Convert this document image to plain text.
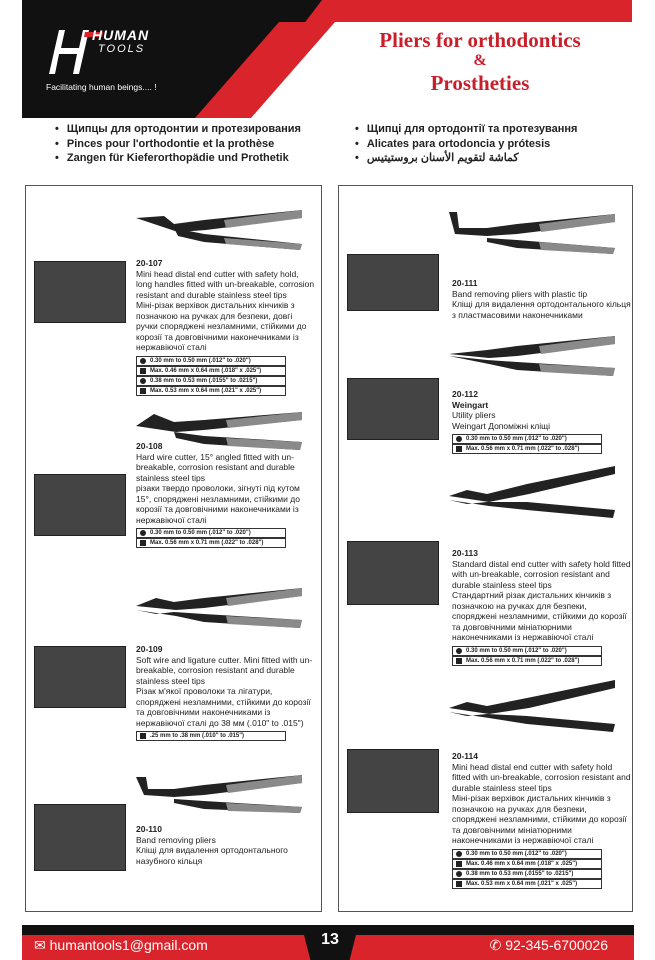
HUMAN
TOOLS
Facilitating human beings.... !
Pliers for orthodontics
&
Prostheties
• Щипцы для ортодонтии и протезирования
• Pinces pour l'orthodontie et la prothèse
• Zangen für Kieferorthopädie und Prothetik
• Щипці для ортодонтії та протезування
• Alicates para ortodoncia y prótesis
• كماشة لتقويم الأسنان بروستيتيس
20-107
Mini head distal end cutter with safety hold, long handles fitted with un-breakable, corrosion resistant and durable stainless steel tips
Міні-різак верхівок дистальних кінчиків з позначкою на ручках для безпеки, довгі ручки споряджені незламними, стійкими до корозії та довговічними наконечниками із нержавіючої сталі
0.30 mm to 0.50 mm (.012" to .020")
Max. 0.46 mm x 0.64 mm (.018" x .025")
0.38 mm to 0.53 mm (.0155" to .0215")
Max. 0.53 mm x 0.64 mm (.021" x .025")
20-108
Hard wire cutter, 15° angled fitted with un-breakable, corrosion resistant and durable stainless steel tips
різаки твердо проволоки, зігнуті під кутом 15°, споряджені незламними, стійкими до корозії та довговічними наконечниками із нержавіючої сталі
0.30 mm to 0.50 mm (.012" to .020")
Max. 0.56 mm x 0.71 mm (.022" to .028")
20-109
Soft wire and ligature cutter. Mini fitted with un-breakable, corrosion resistant and durable stainless steel tips
Різак м'якої проволоки та лігатури, споряджені незламними, стійкими до корозії та довговічними наконечниками із нержавіючої сталі до 38 мм (.010" to .015")
.25 mm to .38 mm (.010" to .015")
20-110
Band removing pliers
Кліщі для видалення ортодонтального назубного кільця
20-111
Band removing pliers with plastic tip
Кліщі для видалення ортодонтального кільця з пластмасовими наконечниками
20-112
Weingart
Utility pliers
Weingart Допоміжні кліщі
0.30 mm to 0.50 mm (.012" to .020")
Max. 0.56 mm x 0.71 mm (.022" to .028")
20-113
Standard distal end cutter with safety hold fitted with un-breakable, corrosion resistant and durable stainless steel tips
Стандартний різак дистальних кінчиків з позначкою на ручках для безпеки, споряджені незламними, стійкими до корозії та довговічними мініатюрними наконечниками із нержавіючої сталі
0.30 mm to 0.50 mm (.012" to .020")
Max. 0.56 mm x 0.71 mm (.022" to .028")
20-114
Mini head distal end cutter with safety hold fitted with un-breakable, corrosion resistant and durable stainless steel tips
Міні-різак верхівок дистальних кінчиків з позначкою на ручках для безпеки, споряджені незламними, стійкими до корозії та довговічними мініатюрними наконечниками із нержавіючої сталі
0.30 mm to 0.50 mm (.012" to .020")
Max. 0.46 mm x 0.64 mm (.018" x .025")
0.38 mm to 0.53 mm (.0155" to .0215")
Max. 0.53 mm x 0.64 mm (.021" x .025")
13
✉ humantools1@gmail.com	✆ 92-345-6700026
